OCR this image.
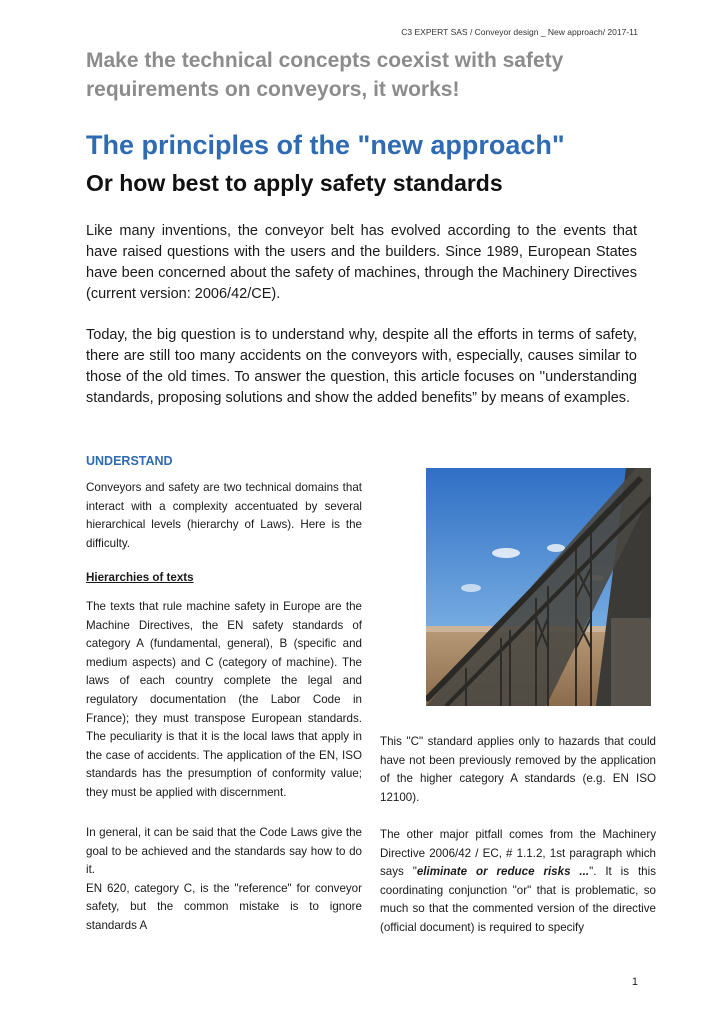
C3 EXPERT SAS / Conveyor design _ New approach/ 2017-11
Make the technical concepts coexist with safety requirements on conveyors, it works!
The principles of the "new approach"
Or how best to apply safety standards

Like many inventions, the conveyor belt has evolved according to the events that have raised questions with the users and the builders. Since 1989, European States have been concerned about the safety of machines, through the Machinery Directives (current version: 2006/42/CE).

Today, the big question is to understand why, despite all the efforts in terms of safety, there are still too many accidents on the conveyors with, especially, causes similar to those of the old times. To answer the question, this article focuses on ''understanding standards, proposing solutions and show the added benefits” by means of examples.

UNDERSTAND

Conveyors and safety are two technical domains that interact with a complexity accentuated by several hierarchical levels (hierarchy of Laws). Here is the difficulty.

Hierarchies of texts

The texts that rule machine safety in Europe are the Machine Directives, the EN safety standards of category A (fundamental, general), B (specific and medium aspects) and C (category of machine). The laws of each country complete the legal and regulatory documentation (the Labor Code in France); they must transpose European standards. The peculiarity is that it is the local laws that apply in the case of accidents. The application of the EN, ISO standards has the presumption of conformity value; they must be applied with discernment.

In general, it can be said that the Code Laws give the goal to be achieved and the standards say how to do it.
EN 620, category C, is the "reference" for conveyor safety, but the common mistake is to ignore standards A

This "C" standard applies only to hazards that could have not been previously removed by the application of the higher category A standards (e.g. EN ISO 12100).

The other major pitfall comes from the Machinery Directive 2006/42 / EC, # 1.1.2, 1st paragraph which says "eliminate or reduce risks ...". It is this coordinating conjunction "or" that is problematic, so much so that the commented version of the directive (official document) is required to specify

1
